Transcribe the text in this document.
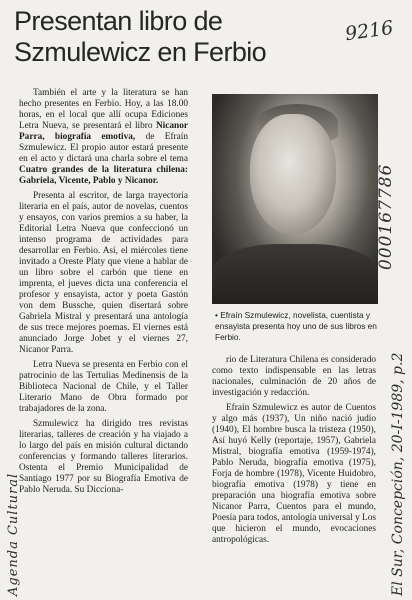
Presentan libro de
Szmulewicz en Ferbio
9216

También el arte y la literatura se han hecho presentes en Ferbio. Hoy, a las 18.00 horas, en el local que allí ocupa Ediciones Letra Nueva, se presentará el libro Nicanor Parra, biografía emotiva, de Efraín Szmulewicz. El propio autor estará presente en el acto y dictará una charla sobre el tema Cuatro grandes de la literatura chilena: Gabriela, Vicente, Pablo y Nicanor.

Presenta al escritor, de larga trayectoria literaria en el país, autor de novelas, cuentos y ensayos, con varios premios a su haber, la Editorial Letra Nueva que confeccionó un intenso programa de actividades para desarrollar en Ferbio. Así, el miércoles tiene invitado a Oreste Platy que viene a hablar de un libro sobre el carbón que tiene en imprenta, el jueves dicta una conferencia el profesor y ensayista, actor y poeta Gastón von dem Bussche, quien disertará sobre Gabriela Mistral y presentará una antología de sus trece mejores poemas. El viernes está anunciado Jorge Jobet y el viernes 27, Nicanor Parra.

Letra Nueva se presenta en Ferbio con el patrocinio de las Tertulias Medinensis de la Biblioteca Nacional de Chile, y el Taller Literario Mano de Obra formado por trabajadores de la zona.

Szmulewicz ha dirigido tres revistas literarias, talleres de creación y ha viajado a lo largo del país en misión cultural dictando conferencias y formando talleres literarios. Ostenta el Premio Municipalidad de Santiago 1977 por su Biografía Emotiva de Pablo Neruda. Su Dicciona-

• Efraín Szmulewicz, novelista, cuentista y ensayista presenta hoy uno de sus libros en Ferbio.

rio de Literatura Chilena es considerado como texto indispensable en las letras nacionales, culminación de 20 años de investigación y redacción.

Efraín Szmulewicz es autor de Cuentos y algo más (1937), Un niño nació judío (1940), El hombre busca la tristeza (1950), Así huyó Kelly (reportaje, 1957), Gabriela Mistral, biografía emotiva (1959-1974), Pablo Neruda, biografía emotiva (1975), Forja de hombre (1978), Vicente Huidobro, biografía emotiva (1978) y tiene en preparación una biografía emotiva sobre Nicanor Parra, Cuentos para el mundo, Poesía para todos, antología universal y Los que hicieron el mundo, evocaciones antropológicas.

000167786
El Sur, Concepción, 20-I-1989, p.2
Agenda Cultural
